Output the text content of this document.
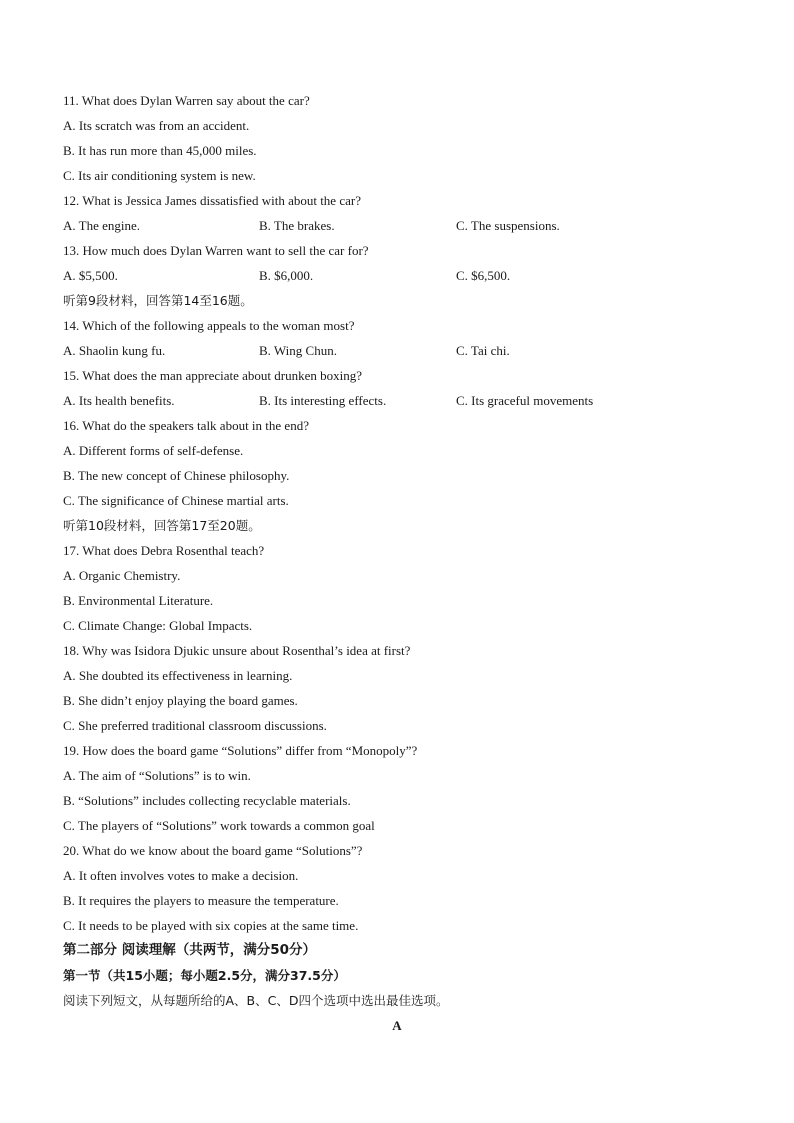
11. What does Dylan Warren say about the car?
A. Its scratch was from an accident.
B. It has run more than 45,000 miles.
C. Its air conditioning system is new.
12. What is Jessica James dissatisfied with about the car?
A. The engine.	B. The brakes.	C. The suspensions.
13. How much does Dylan Warren want to sell the car for?
A. $5,500.	B. $6,000.	C. $6,500.
听第9段材料，回答第14至16题。
14. Which of the following appeals to the woman most?
A. Shaolin kung fu.	B. Wing Chun.	C. Tai chi.
15. What does the man appreciate about drunken boxing?
A. Its health benefits.	B. Its interesting effects.	C. Its graceful movements
16. What do the speakers talk about in the end?
A. Different forms of self-defense.
B. The new concept of Chinese philosophy.
C. The significance of Chinese martial arts.
听第10段材料，回答第17至20题。
17. What does Debra Rosenthal teach?
A. Organic Chemistry.
B. Environmental Literature.
C. Climate Change: Global Impacts.
18. Why was Isidora Djukic unsure about Rosenthal’s idea at first?
A. She doubted its effectiveness in learning.
B. She didn’t enjoy playing the board games.
C. She preferred traditional classroom discussions.
19. How does the board game “Solutions” differ from “Monopoly”?
A. The aim of “Solutions” is to win.
B. “Solutions” includes collecting recyclable materials.
C. The players of “Solutions” work towards a common goal
20. What do we know about the board game “Solutions”?
A. It often involves votes to make a decision.
B. It requires the players to measure the temperature.
C. It needs to be played with six copies at the same time.
第二部分 阅读理解（共两节，满分50分）
第一节（共15小题；每小题2.5分，满分37.5分）
阅读下列短文，从每题所给的A、B、C、D四个选项中选出最佳选项。
A
